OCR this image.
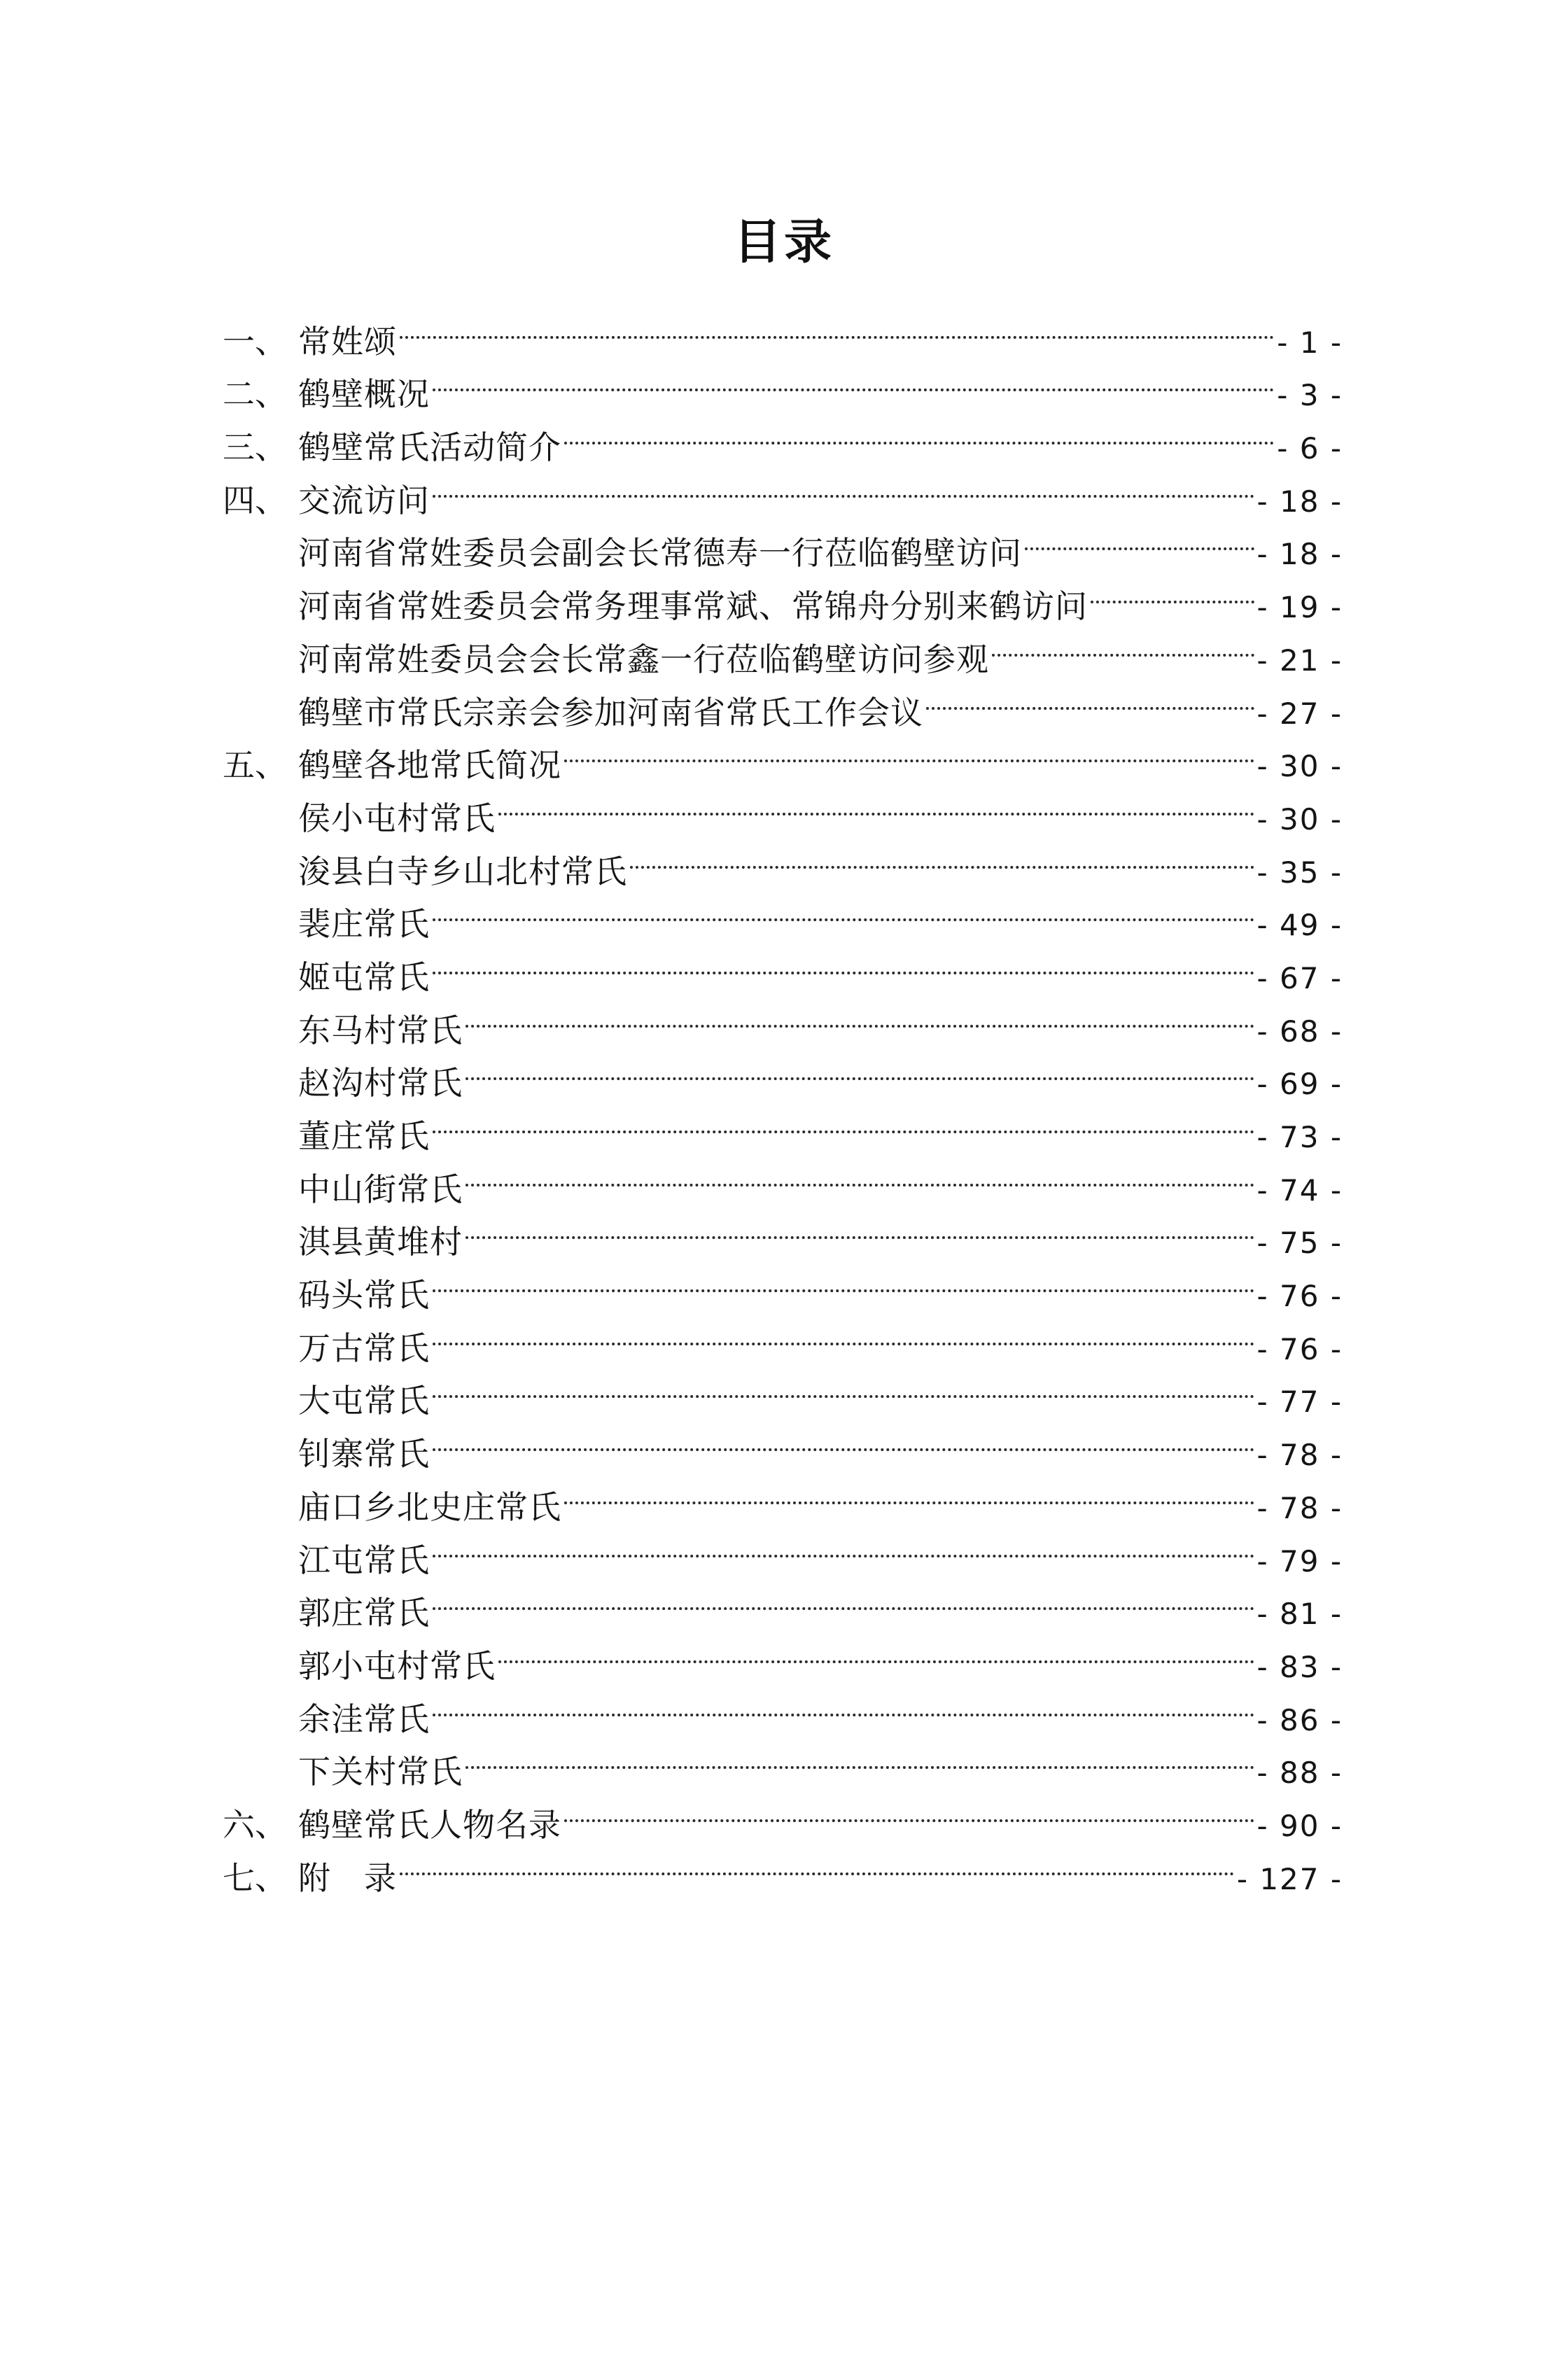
目录
一、 常姓颂	- 1 -
二、 鹤壁概况	- 3 -
三、 鹤壁常氏活动简介	- 6 -
四、 交流访问	- 18 -
河南省常姓委员会副会长常德寿一行莅临鹤壁访问	- 18 -
河南省常姓委员会常务理事常斌、常锦舟分别来鹤访问	- 19 -
河南常姓委员会会长常鑫一行莅临鹤壁访问参观	- 21 -
鹤壁市常氏宗亲会参加河南省常氏工作会议	- 27 -
五、 鹤壁各地常氏简况	- 30 -
侯小屯村常氏	- 30 -
浚县白寺乡山北村常氏	- 35 -
裴庄常氏	- 49 -
姬屯常氏	- 67 -
东马村常氏	- 68 -
赵沟村常氏	- 69 -
董庄常氏	- 73 -
中山街常氏	- 74 -
淇县黄堆村	- 75 -
码头常氏	- 76 -
万古常氏	- 76 -
大屯常氏	- 77 -
钊寨常氏	- 78 -
庙口乡北史庄常氏	- 78 -
江屯常氏	- 79 -
郭庄常氏	- 81 -
郭小屯村常氏	- 83 -
余洼常氏	- 86 -
下关村常氏	- 88 -
六、 鹤壁常氏人物名录	- 90 -
七、 附　录	- 127 -
